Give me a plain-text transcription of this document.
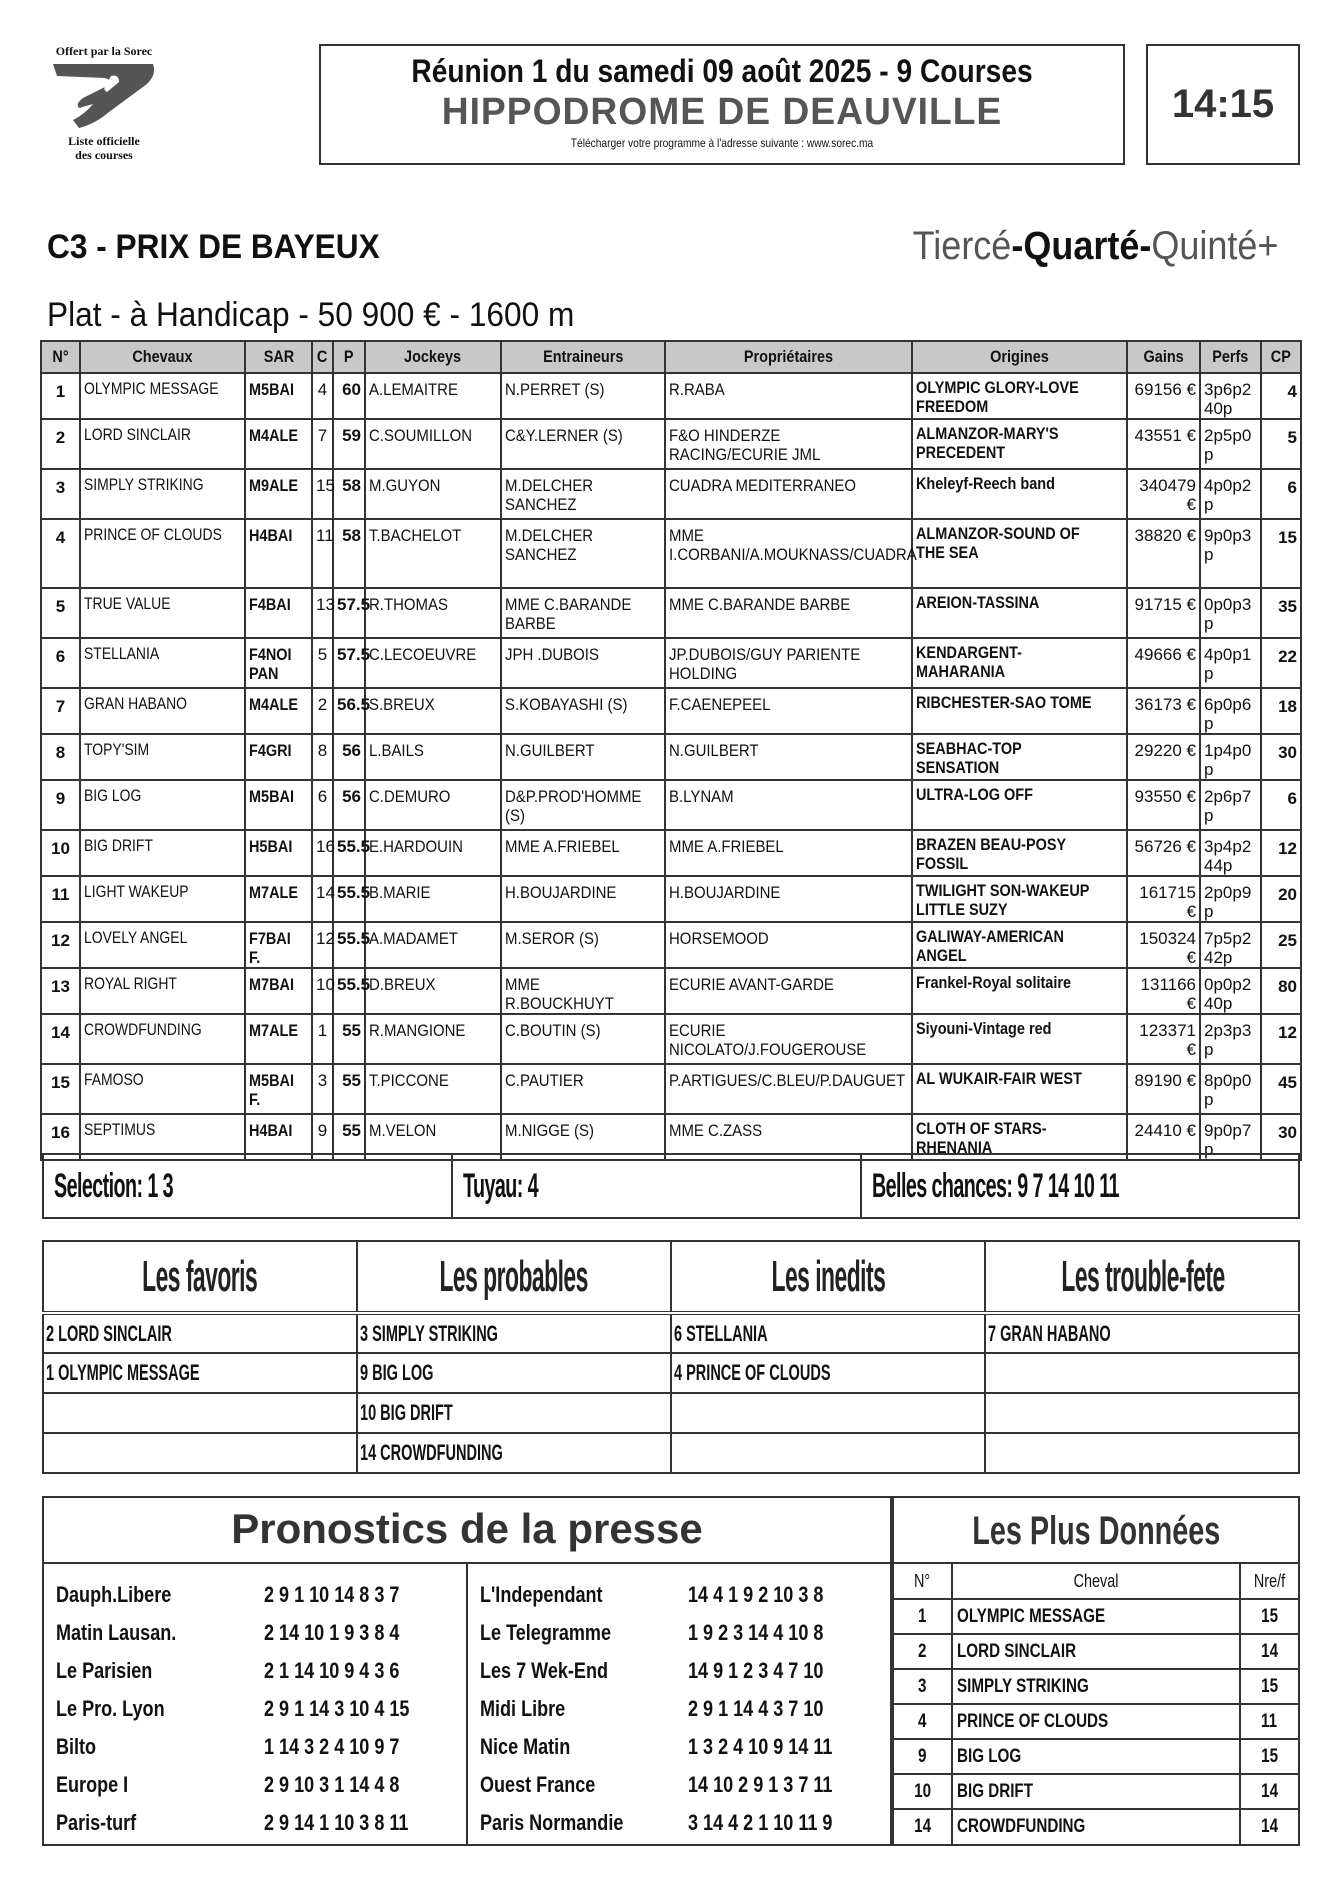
Offert par la Sorec
Liste officielle
des courses
Réunion 1 du samedi 09 août 2025 - 9 Courses
HIPPODROME DE DEAUVILLE
Télécharger votre programme à l'adresse suivante : www.sorec.ma
14:15
C3 - PRIX DE BAYEUX	Tiercé-Quarté-Quinté+
Plat - à Handicap - 50 900 € - 1600 m
N°	Chevaux	SAR	C	P	Jockeys	Entraineurs	Propriétaires	Origines	Gains	Perfs	CP
1	OLYMPIC MESSAGE	M5BAI	4	60	A.LEMAITRE	N.PERRET (S)	R.RABA	OLYMPIC GLORY-LOVE FREEDOM	69156 €	3p6p240p	4
2	LORD SINCLAIR	M4ALE	7	59	C.SOUMILLON	C&Y.LERNER (S)	F&O HINDERZE RACING/ECURIE JML	ALMANZOR-MARY'S PRECEDENT	43551 €	2p5p0p	5
3	SIMPLY STRIKING	M9ALE	15	58	M.GUYON	M.DELCHER SANCHEZ	CUADRA MEDITERRANEO	Kheleyf-Reech band	340479 €	4p0p2p	6
4	PRINCE OF CLOUDS	H4BAI	11	58	T.BACHELOT	M.DELCHER SANCHEZ	MME I.CORBANI/A.MOUKNASS/CUADRA	ALMANZOR-SOUND OF THE SEA	38820 €	9p0p3p	15
5	TRUE VALUE	F4BAI	13	57.5	R.THOMAS	MME C.BARANDE BARBE	MME C.BARANDE BARBE	AREION-TASSINA	91715 €	0p0p3p	35
6	STELLANIA	F4NOIPAN	5	57.5	C.LECOEUVRE	JPH .DUBOIS	JP.DUBOIS/GUY PARIENTE HOLDING	KENDARGENT-MAHARANIA	49666 €	4p0p1p	22
7	GRAN HABANO	M4ALE	2	56.5	S.BREUX	S.KOBAYASHI (S)	F.CAENEPEEL	RIBCHESTER-SAO TOME	36173 €	6p0p6p	18
8	TOPY'SIM	F4GRI	8	56	L.BAILS	N.GUILBERT	N.GUILBERT	SEABHAC-TOP SENSATION	29220 €	1p4p0p	30
9	BIG LOG	M5BAI	6	56	C.DEMURO	D&P.PROD'HOMME (S)	B.LYNAM	ULTRA-LOG OFF	93550 €	2p6p7p	6
10	BIG DRIFT	H5BAI	16	55.5	E.HARDOUIN	MME A.FRIEBEL	MME A.FRIEBEL	BRAZEN BEAU-POSY FOSSIL	56726 €	3p4p244p	12
11	LIGHT WAKEUP	M7ALE	14	55.5	B.MARIE	H.BOUJARDINE	H.BOUJARDINE	TWILIGHT SON-WAKEUP LITTLE SUZY	161715 €	2p0p9p	20
12	LOVELY ANGEL	F7BAI F.	12	55.5	A.MADAMET	M.SEROR (S)	HORSEMOOD	GALIWAY-AMERICAN ANGEL	150324 €	7p5p242p	25
13	ROYAL RIGHT	M7BAI	10	55.5	D.BREUX	MME R.BOUCKHUYT	ECURIE AVANT-GARDE	Frankel-Royal solitaire	131166 €	0p0p240p	80
14	CROWDFUNDING	M7ALE	1	55	R.MANGIONE	C.BOUTIN (S)	ECURIE NICOLATO/J.FOUGEROUSE	Siyouni-Vintage red	123371 €	2p3p3p	12
15	FAMOSO	M5BAI F.	3	55	T.PICCONE	C.PAUTIER	P.ARTIGUES/C.BLEU/P.DAUGUET	AL WUKAIR-FAIR WEST	89190 €	8p0p0p	45
16	SEPTIMUS	H4BAI	9	55	M.VELON	M.NIGGE (S)	MME C.ZASS	CLOTH OF STARS-RHENANIA	24410 €	9p0p7p	30
Selection: 1 3	Tuyau: 4	Belles chances: 9 7 14 10 11
Les favoris	Les probables	Les inedits	Les trouble-fete
2 LORD SINCLAIR	3 SIMPLY STRIKING	6 STELLANIA	7 GRAN HABANO
1 OLYMPIC MESSAGE	9 BIG LOG	4 PRINCE OF CLOUDS	
	10 BIG DRIFT		
	14 CROWDFUNDING		
Pronostics de la presse
Dauph.Libere	2 9 1 10 14 8 3 7
Matin Lausan.	2 14 10 1 9 3 8 4
Le Parisien	2 1 14 10 9 4 3 6
Le Pro. Lyon	2 9 1 14 3 10 4 15
Bilto	1 14 3 2 4 10 9 7
Europe I	2 9 10 3 1 14 4 8
Paris-turf	2 9 14 1 10 3 8 11
L'Independant	14 4 1 9 2 10 3 8
Le Telegramme	1 9 2 3 14 4 10 8
Les 7 Wek-End	14 9 1 2 3 4 7 10
Midi Libre	2 9 1 14 4 3 7 10
Nice Matin	1 3 2 4 10 9 14 11
Ouest France	14 10 2 9 1 3 7 11
Paris Normandie	3 14 4 2 1 10 11 9
Les Plus Données
N°	Cheval	Nre/f
1	OLYMPIC MESSAGE	15
2	LORD SINCLAIR	14
3	SIMPLY STRIKING	15
4	PRINCE OF CLOUDS	11
9	BIG LOG	15
10	BIG DRIFT	14
14	CROWDFUNDING	14
